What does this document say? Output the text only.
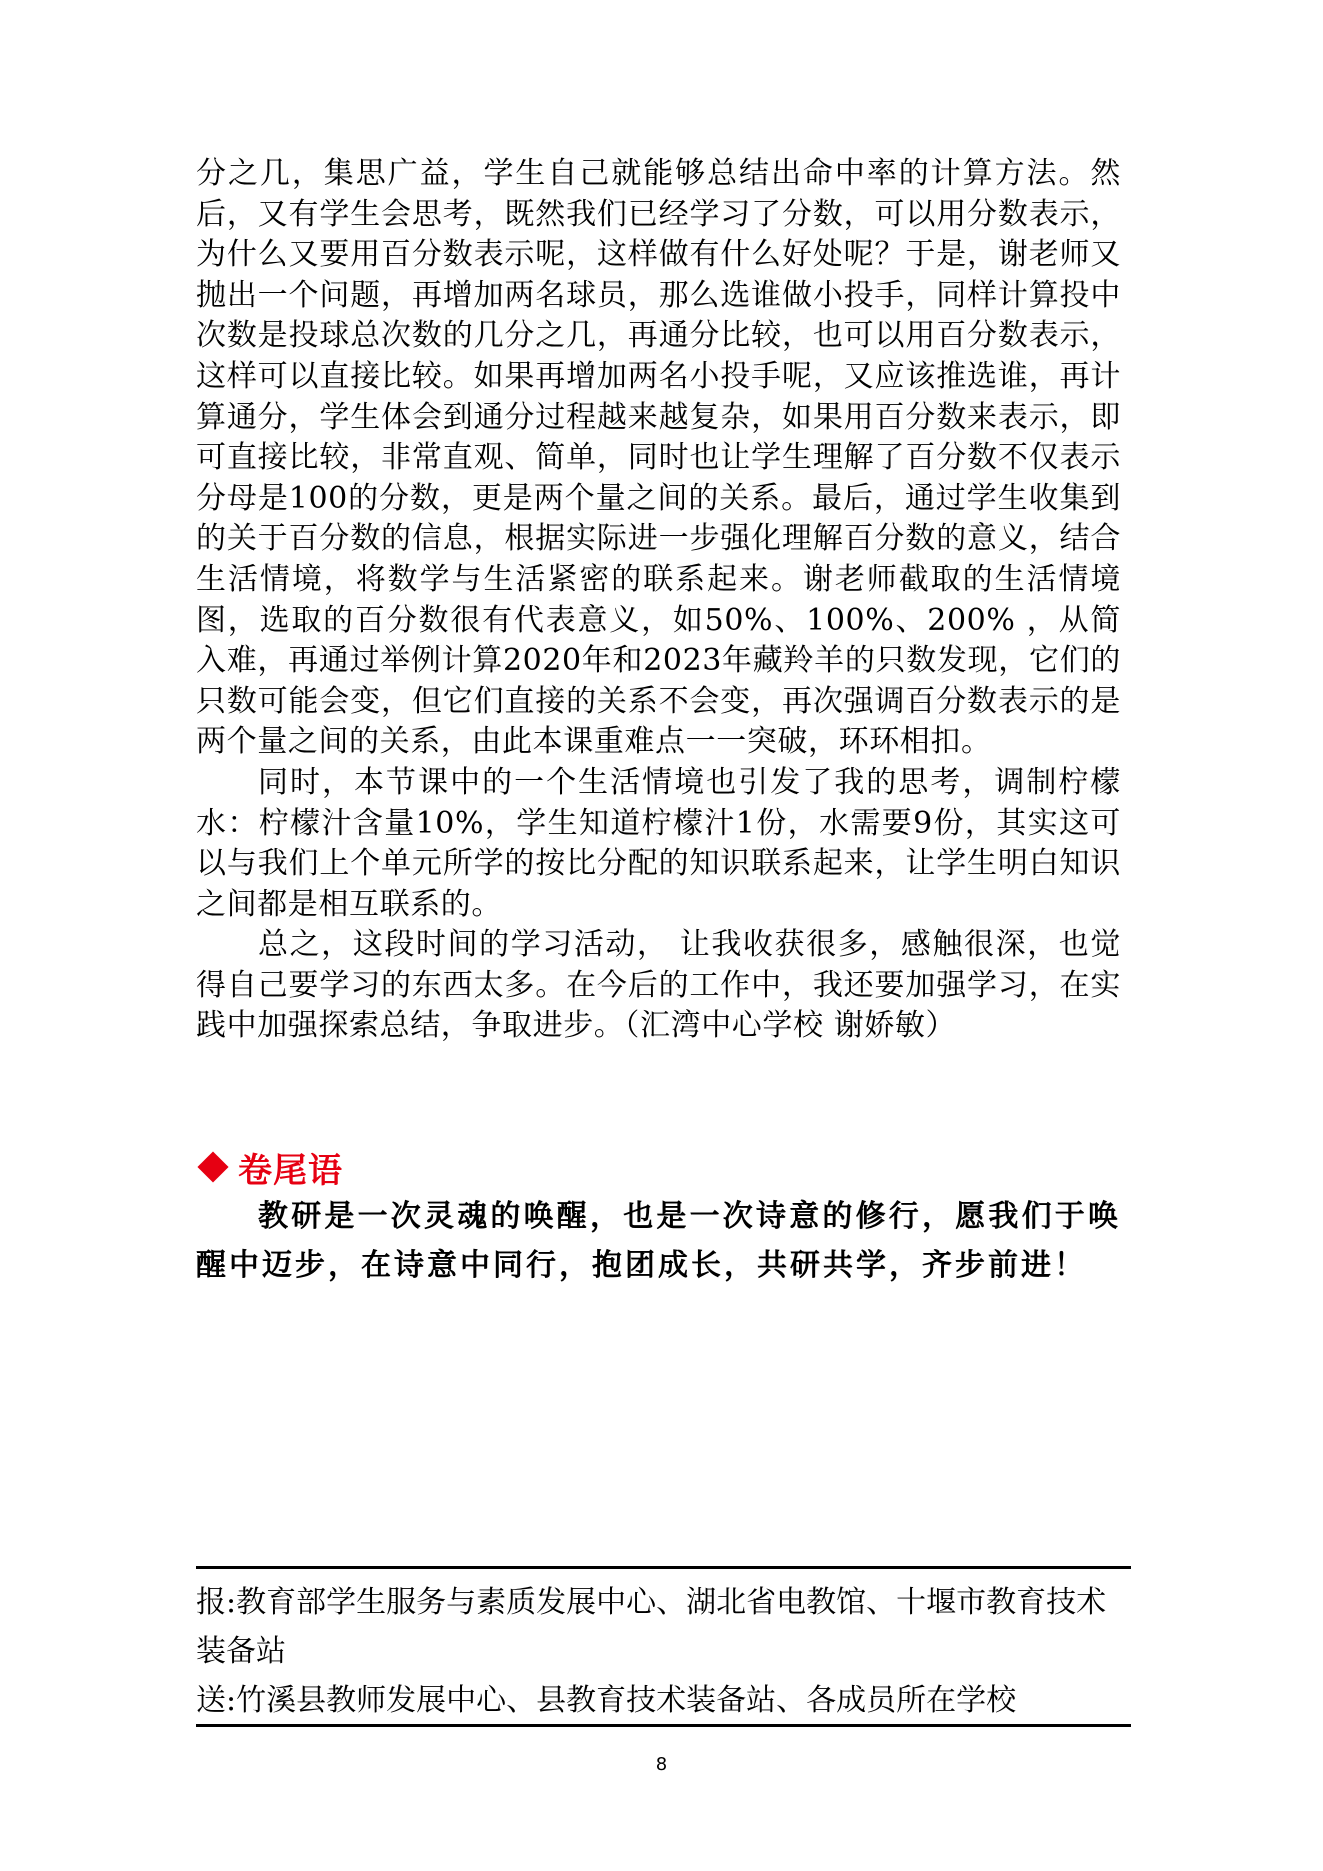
分之几，集思广益，学生自己就能够总结出命中率的计算方法。然后，又有学生会思考，既然我们已经学习了分数，可以用分数表示，为什么又要用百分数表示呢，这样做有什么好处呢？于是，谢老师又抛出一个问题，再增加两名球员，那么选谁做小投手，同样计算投中次数是投球总次数的几分之几，再通分比较，也可以用百分数表示，这样可以直接比较。如果再增加两名小投手呢，又应该推选谁，再计算通分，学生体会到通分过程越来越复杂，如果用百分数来表示，即可直接比较，非常直观、简单，同时也让学生理解了百分数不仅表示分母是100的分数，更是两个量之间的关系。最后，通过学生收集到的关于百分数的信息，根据实际进一步强化理解百分数的意义，结合生活情境，将数学与生活紧密的联系起来。谢老师截取的生活情境图，选取的百分数很有代表意义，如50%、100%、200% ，从简入难，再通过举例计算2020年和2023年藏羚羊的只数发现，它们的只数可能会变，但它们直接的关系不会变，再次强调百分数表示的是两个量之间的关系，由此本课重难点一一突破，环环相扣。

同时，本节课中的一个生活情境也引发了我的思考，调制柠檬水：柠檬汁含量10%，学生知道柠檬汁1份，水需要9份，其实这可以与我们上个单元所学的按比分配的知识联系起来，让学生明白知识之间都是相互联系的。

总之，这段时间的学习活动， 让我收获很多，感触很深，也觉得自己要学习的东西太多。在今后的工作中，我还要加强学习，在实践中加强探索总结，争取进步。（汇湾中心学校 谢娇敏）

卷尾语

教研是一次灵魂的唤醒，也是一次诗意的修行，愿我们于唤醒中迈步，在诗意中同行，抱团成长，共研共学，齐步前进！

报:教育部学生服务与素质发展中心、湖北省电教馆、十堰市教育技术装备站

送:竹溪县教师发展中心、县教育技术装备站、各成员所在学校

8
